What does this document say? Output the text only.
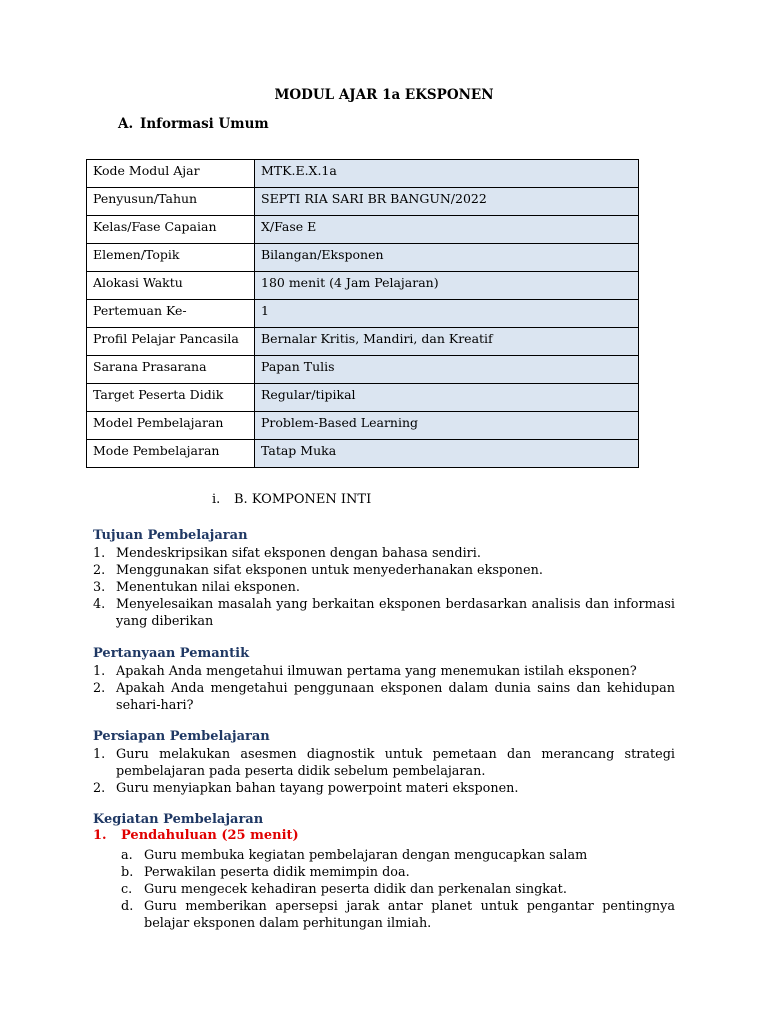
MODUL AJAR 1a EKSPONEN
A. Informasi Umum
Kode Modul Ajar	MTK.E.X.1a
Penyusun/Tahun	SEPTI RIA SARI BR BANGUN/2022
Kelas/Fase Capaian	X/Fase E
Elemen/Topik	Bilangan/Eksponen
Alokasi Waktu	180 menit (4 Jam Pelajaran)
Pertemuan Ke-	1
Profil Pelajar Pancasila	Bernalar Kritis, Mandiri, dan Kreatif
Sarana Prasarana	Papan Tulis
Target Peserta Didik	Regular/tipikal
Model Pembelajaran	Problem-Based Learning
Mode Pembelajaran	Tatap Muka
i. B. KOMPONEN INTI
Tujuan Pembelajaran
1. Mendeskripsikan sifat eksponen dengan bahasa sendiri.
2. Menggunakan sifat eksponen untuk menyederhanakan eksponen.
3. Menentukan nilai eksponen.
4. Menyelesaikan masalah yang berkaitan eksponen berdasarkan analisis dan informasi yang diberikan
Pertanyaan Pemantik
1. Apakah Anda mengetahui ilmuwan pertama yang menemukan istilah eksponen?
2. Apakah Anda mengetahui penggunaan eksponen dalam dunia sains dan kehidupan sehari-hari?
Persiapan Pembelajaran
1. Guru melakukan asesmen diagnostik untuk pemetaan dan merancang strategi pembelajaran pada peserta didik sebelum pembelajaran.
2. Guru menyiapkan bahan tayang powerpoint materi eksponen.
Kegiatan Pembelajaran
1. Pendahuluan (25 menit)
a. Guru membuka kegiatan pembelajaran dengan mengucapkan salam
b. Perwakilan peserta didik memimpin doa.
c. Guru mengecek kehadiran peserta didik dan perkenalan singkat.
d. Guru memberikan apersepsi jarak antar planet untuk pengantar pentingnya belajar eksponen dalam perhitungan ilmiah.
